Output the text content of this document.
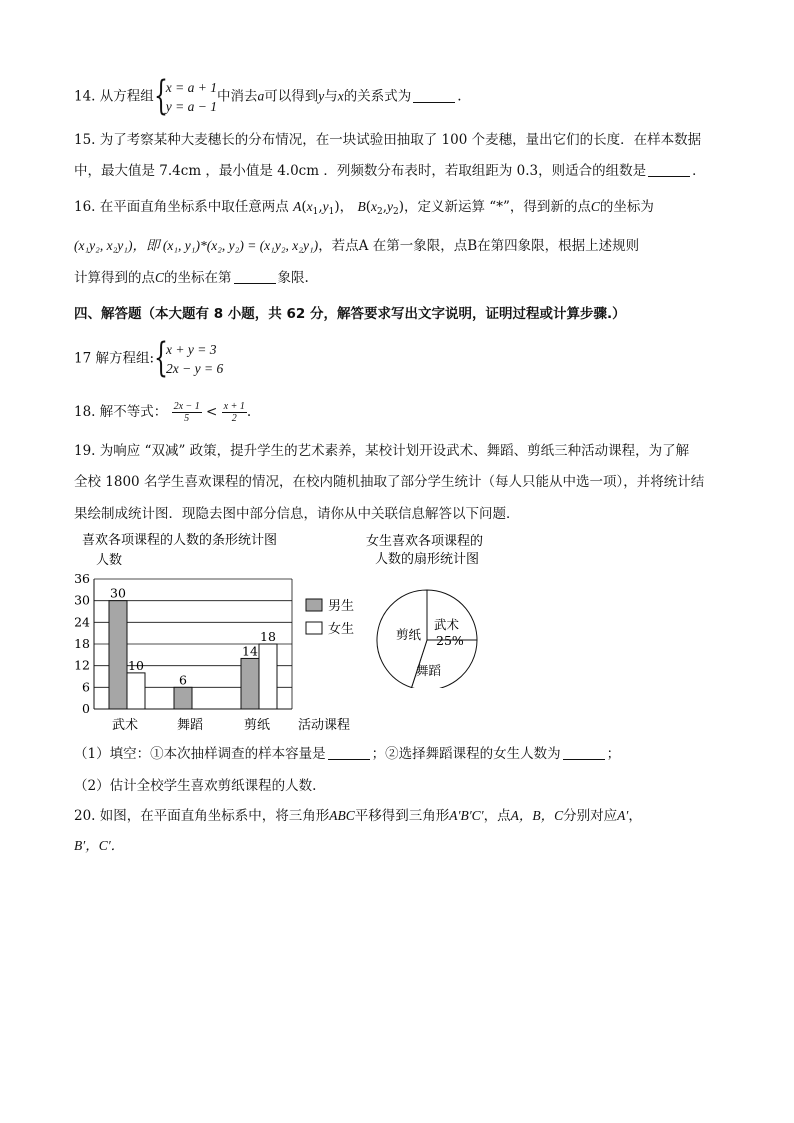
14. 从方程组 {
x = a + 1
y = a − 1
中消去a可以得到y与x的关系式为	.
15. 为了考察某种大麦穗长的分布情况，在一块试验田抽取了 100 个麦穗，量出它们的长度．在样本数据
中，最大值是 7.4cm ，最小值是 4.0cm ．列频数分布表时，若取组距为 0.3，则适合的组数是	．
16. 在平面直角坐标系中取任意两点 $A(x_1,y_1)$， $B(x_2,y_2)$，定义新运算 “*”，得到新的点C的坐标为
(x₁y₂, x₂y₁)，即 (x₁, y₁)*(x₂, y₂) = (x₁y₂, x₂y₁)，若点A 在第一象限，点B在第四象限，根据上述规则
计算得到的点C的坐标在第	象限.
四、解答题（本大题有 8 小题，共 62 分，解答要求写出文字说明，证明过程或计算步骤.）
17 解方程组: {
x + y = 3
2x − y = 6
18. 解不等式： $\frac{2x - 1}{5} < \frac{x + 1}{2}$ .
19. 为响应 “双减” 政策，提升学生的艺术素养，某校计划开设武术、舞蹈、剪纸三种活动课程，为了解
全校 1800 名学生喜欢课程的情况，在校内随机抽取了部分学生统计（每人只能从中选一项），并将统计结
果绘制成统计图．现隐去图中部分信息，请你从中关联信息解答以下问题．
喜欢各项课程的人数的条形统计图
人数
0
6
12
18
24
30
36
30
10
6
14
18
武术	舞蹈	剪纸 活动课程
男生
女生
女生喜欢各项课程的
人数的扇形统计图
武术
25%
剪纸
舞蹈
（1）填空：①本次抽样调查的样本容量是	；②选择舞蹈课程的女生人数为	；
（2）估计全校学生喜欢剪纸课程的人数.
20. 如图，在平面直角坐标系中，将三角形ABC平移得到三角形A′B′C′，点A，B，C分别对应A′，
B′，C′．
